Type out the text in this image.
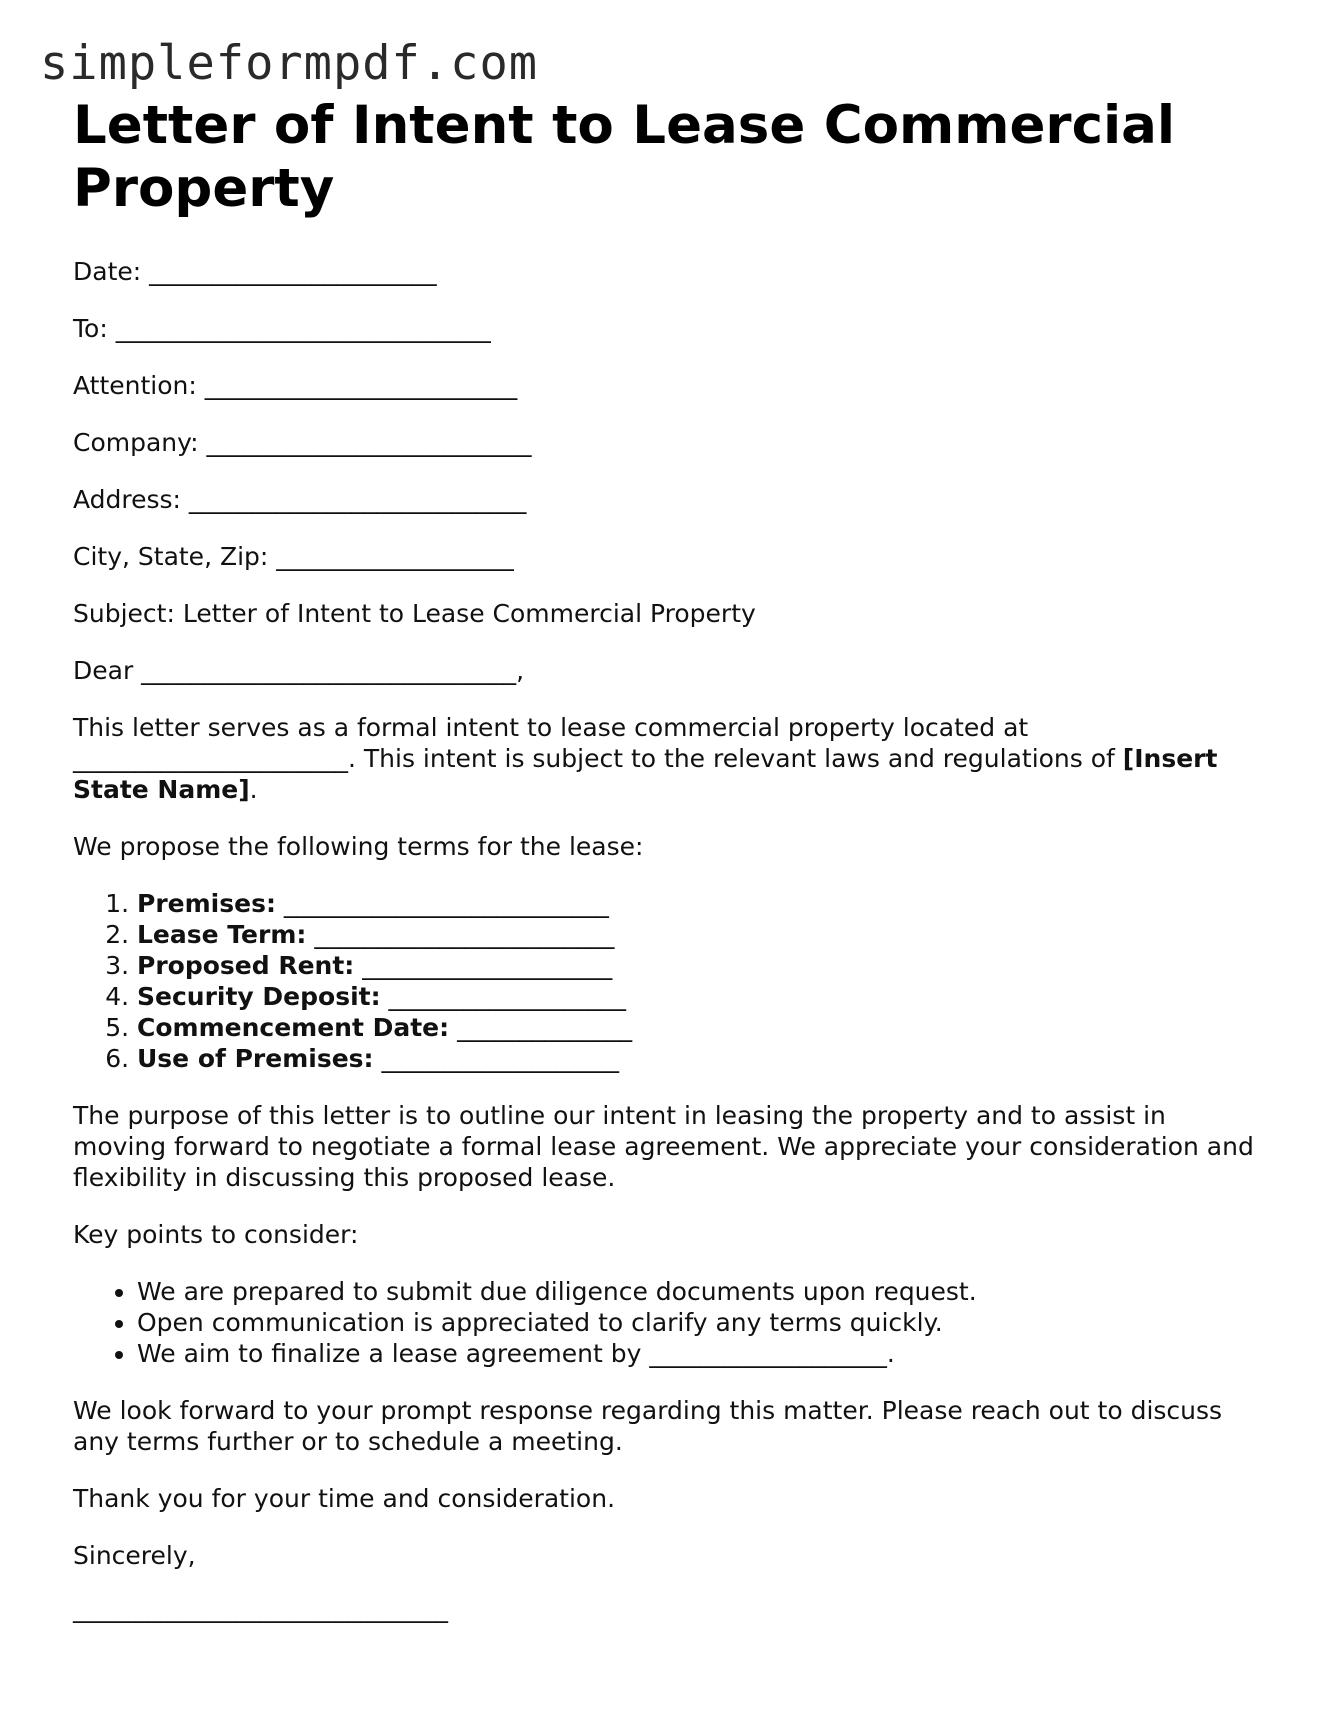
simpleformpdf.com
Letter of Intent to Lease Commercial Property

Date: _______________________

To: ______________________________

Attention: _________________________

Company: __________________________

Address: ___________________________

City, State, Zip: ___________________

Subject: Letter of Intent to Lease Commercial Property

Dear ______________________________,

This letter serves as a formal intent to lease commercial property located at ______________________. This intent is subject to the relevant laws and regulations of [Insert State Name].

We propose the following terms for the lease:

1. Premises: __________________________
2. Lease Term: ________________________
3. Proposed Rent: ____________________
4. Security Deposit: ___________________
5. Commencement Date: ______________
6. Use of Premises: ___________________

The purpose of this letter is to outline our intent in leasing the property and to assist in moving forward to negotiate a formal lease agreement. We appreciate your consideration and flexibility in discussing this proposed lease.

Key points to consider:

• We are prepared to submit due diligence documents upon request.
• Open communication is appreciated to clarify any terms quickly.
• We aim to finalize a lease agreement by ___________________.

We look forward to your prompt response regarding this matter. Please reach out to discuss any terms further or to schedule a meeting.

Thank you for your time and consideration.

Sincerely,

______________________________
